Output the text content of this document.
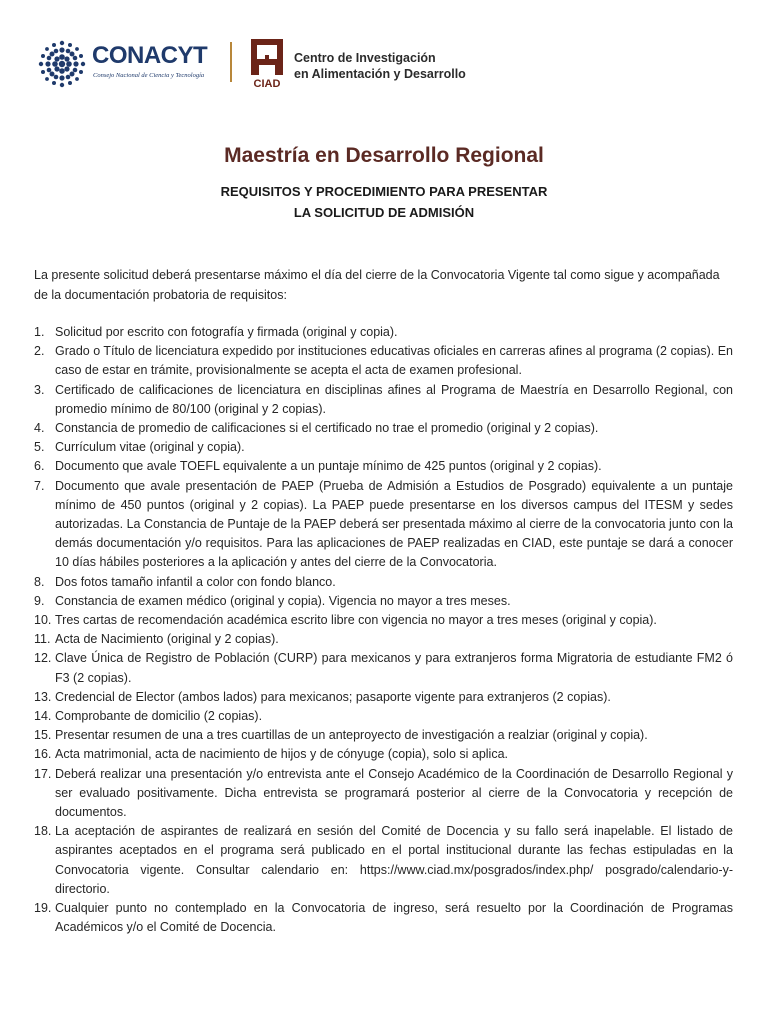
CONACYT
Consejo Nacional de Ciencia y Tecnología
CIAD
Centro de Investigación
en Alimentación y Desarrollo
Maestría en Desarrollo Regional
REQUISITOS Y PROCEDIMIENTO PARA PRESENTAR
LA SOLICITUD DE ADMISIÓN

La presente solicitud deberá presentarse máximo el día del cierre de la Convocatoria Vigente tal como sigue y acompañada de la documentación probatoria de requisitos:

1. Solicitud por escrito con fotografía y firmada (original y copia).
2. Grado o Título de licenciatura expedido por instituciones educativas oficiales en carreras afines al programa (2 copias). En caso de estar en trámite, provisionalmente se acepta el acta de examen profesional.
3. Certificado de calificaciones de licenciatura en disciplinas afines al Programa de Maestría en Desarrollo Regional, con promedio mínimo de 80/100 (original y 2 copias).
4. Constancia de promedio de calificaciones si el certificado no trae el promedio (original y 2 copias).
5. Currículum vitae (original y copia).
6. Documento que avale TOEFL equivalente a un puntaje mínimo de 425 puntos (original y 2 copias).
7. Documento que avale presentación de PAEP (Prueba de Admisión a Estudios de Posgrado) equivalente a un puntaje mínimo de 450 puntos (original y 2 copias). La PAEP puede presentarse en los diversos campus del ITESM y sedes autorizadas. La Constancia de Puntaje de la PAEP deberá ser presentada máximo al cierre de la convocatoria junto con la demás documentación y/o requisitos. Para las aplicaciones de PAEP realizadas en CIAD, este puntaje se dará a conocer 10 días hábiles posteriores a la aplicación y antes del cierre de la Convocatoria.
8. Dos fotos tamaño infantil a color con fondo blanco.
9. Constancia de examen médico (original y copia). Vigencia no mayor a tres meses.
10. Tres cartas de recomendación académica escrito libre con vigencia no mayor a tres meses (original y copia).
11. Acta de Nacimiento (original y 2 copias).
12. Clave Única de Registro de Población (CURP) para mexicanos y para extranjeros forma Migratoria de estudiante FM2 ó F3 (2 copias).
13. Credencial de Elector (ambos lados) para mexicanos; pasaporte vigente para extranjeros (2 copias).
14. Comprobante de domicilio (2 copias).
15. Presentar resumen de una a tres cuartillas de un anteproyecto de investigación a realziar (original y copia).
16. Acta matrimonial, acta de nacimiento de hijos y de cónyuge (copia), solo si aplica.
17. Deberá realizar una presentación y/o entrevista ante el Consejo Académico de la Coordinación de Desarrollo Regional y ser evaluado positivamente. Dicha entrevista se programará posterior al cierre de la Convocatoria y recepción de documentos.
18. La aceptación de aspirantes de realizará en sesión del Comité de Docencia y su fallo será inapelable. El listado de aspirantes aceptados en el programa será publicado en el portal institucional durante las fechas estipuladas en la Convocatoria vigente. Consultar calendario en: https://www.ciad.mx/posgrados/index.php/ posgrado/calendario-y-directorio.
19. Cualquier punto no contemplado en la Convocatoria de ingreso, será resuelto por la Coordinación de Programas Académicos y/o el Comité de Docencia.
